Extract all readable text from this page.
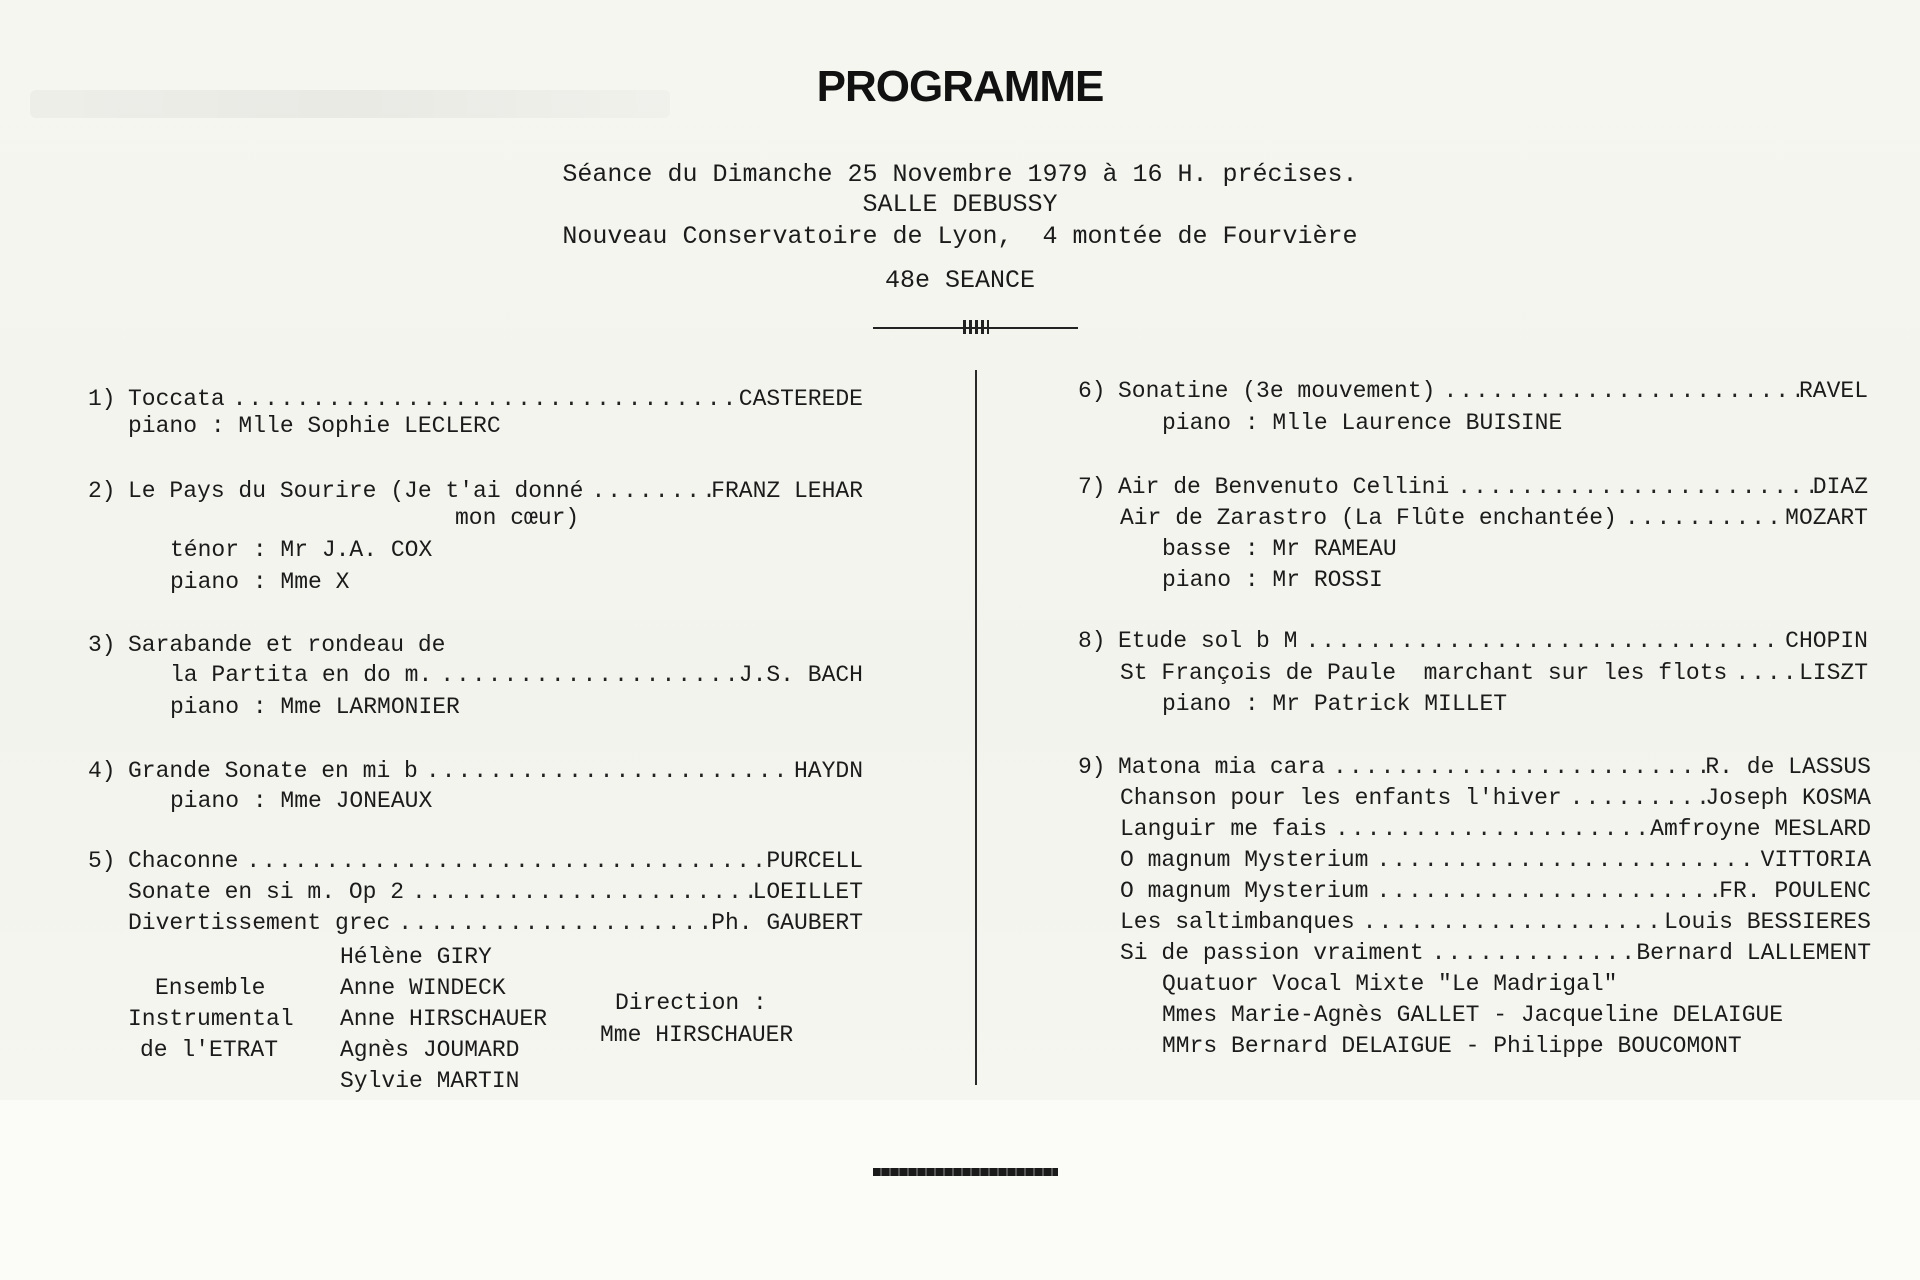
PROGRAMME
Séance du Dimanche 25 Novembre 1979 à 16 H. précises.
SALLE DEBUSSY
Nouveau Conservatoire de Lyon,  4 montée de Fourvière
48e SEANCE
1) Toccata .....	CASTEREDE
piano : Mlle Sophie LECLERC
2) Le Pays du Sourire (Je t'ai donné .....	FRANZ LEHAR
mon cœur)
ténor : Mr J.A. COX
piano : Mme X
3) Sarabande et rondeau de
la Partita en do m. .....	J.S. BACH
piano : Mme LARMONIER
4) Grande Sonate en mi b .....	HAYDN
piano : Mme JONEAUX
5) Chaconne .....	PURCELL
Sonate en si m. Op 2 .....	LOEILLET
Divertissement grec .....	Ph. GAUBERT
Ensemble
Instrumental
de l'ETRAT
Hélène GIRY
Anne WINDECK
Anne HIRSCHAUER
Agnès JOUMARD
Sylvie MARTIN
Direction :
Mme HIRSCHAUER
6) Sonatine (3e mouvement) .....	RAVEL
piano : Mlle Laurence BUISINE
7) Air de Benvenuto Cellini .....	DIAZ
Air de Zarastro (La Flûte enchantée) .....	MOZART
basse : Mr RAMEAU
piano : Mr ROSSI
8) Etude sol b M .....	CHOPIN
St François de Paule  marchant sur les flots .....	LISZT
piano : Mr Patrick MILLET
9) Matona mia cara .....	R. de LASSUS
Chanson pour les enfants l'hiver .....	Joseph KOSMA
Languir me fais .....	Amfroyne MESLARD
O magnum Mysterium .....	VITTORIA
O magnum Mysterium .....	FR. POULENC
Les saltimbanques .....	Louis BESSIERES
Si de passion vraiment .....	Bernard LALLEMENT
Quatuor Vocal Mixte "Le Madrigal"
Mmes Marie-Agnès GALLET - Jacqueline DELAIGUE
MMrs Bernard DELAIGUE - Philippe BOUCOMONT
